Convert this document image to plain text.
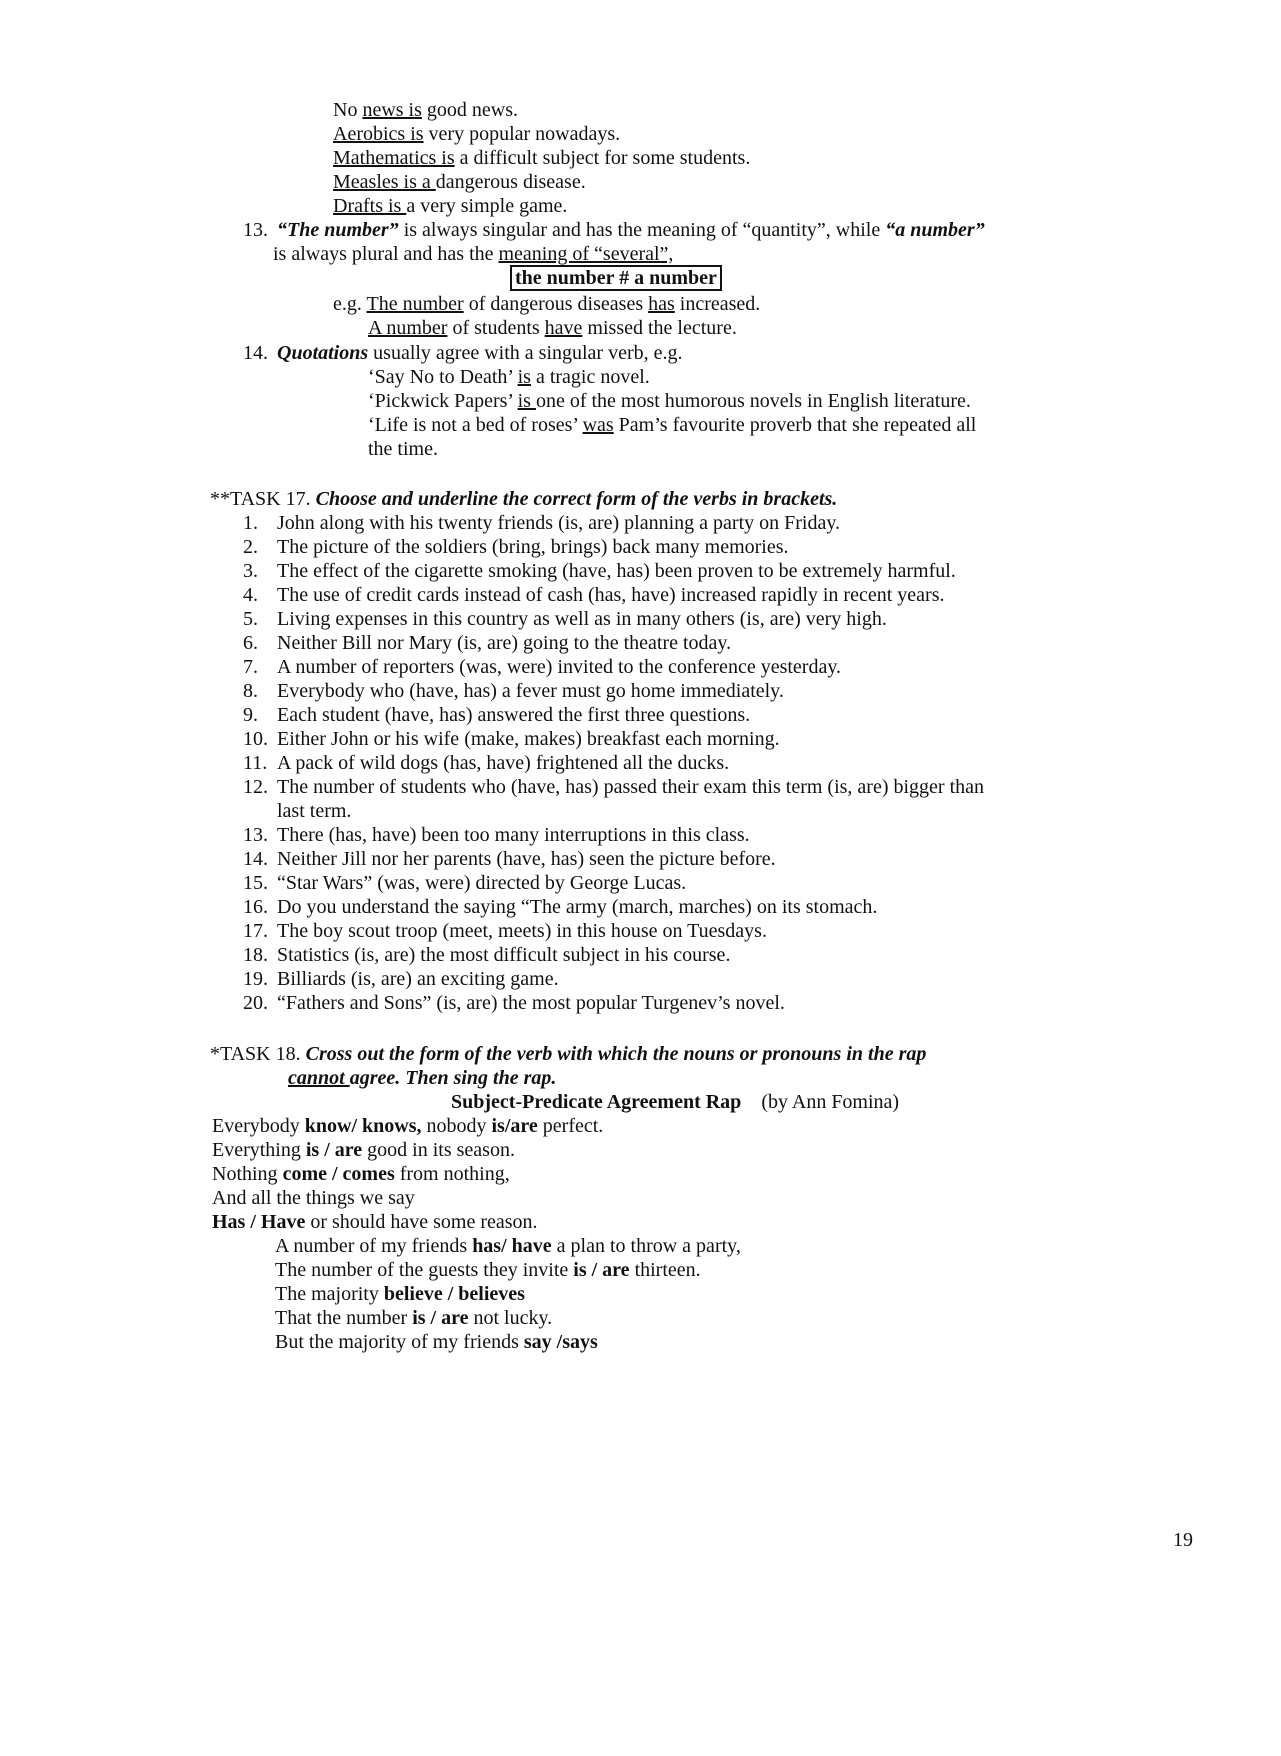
No news is good news.
Aerobics is very popular nowadays.
Mathematics is a difficult subject for some students.
Measles is a dangerous disease.
Drafts is a very simple game.
13. “The number” is always singular and has the meaning of “quantity”, while “a number”
is always plural and has the meaning of “several”,
the number # a number
e.g. The number of dangerous diseases has increased.
A number of students have missed the lecture.
14. Quotations usually agree with a singular verb, e.g.
‘Say No to Death’ is a tragic novel.
‘Pickwick Papers’ is one of the most humorous novels in English literature.
‘Life is not a bed of roses’ was Pam’s favourite proverb that she repeated all
the time.
**TASK 17. Choose and underline the correct form of the verbs in brackets.
1. John along with his twenty friends (is, are) planning a party on Friday.
2. The picture of the soldiers (bring, brings) back many memories.
3. The effect of the cigarette smoking (have, has) been proven to be extremely harmful.
4. The use of credit cards instead of cash (has, have) increased rapidly in recent years.
5. Living expenses in this country as well as in many others (is, are) very high.
6. Neither Bill nor Mary (is, are) going to the theatre today.
7. A number of reporters (was, were) invited to the conference yesterday.
8. Everybody who (have, has) a fever must go home immediately.
9. Each student (have, has) answered the first three questions.
10. Either John or his wife (make, makes) breakfast each morning.
11. A pack of wild dogs (has, have) frightened all the ducks.
12. The number of students who (have, has) passed their exam this term (is, are) bigger than
last term.
13. There (has, have) been too many interruptions in this class.
14. Neither Jill nor her parents (have, has) seen the picture before.
15. “Star Wars” (was, were) directed by George Lucas.
16. Do you understand the saying “The army (march, marches) on its stomach.
17. The boy scout troop (meet, meets) in this house on Tuesdays.
18. Statistics (is, are) the most difficult subject in his course.
19. Billiards (is, are) an exciting game.
20. “Fathers and Sons” (is, are) the most popular Turgenev’s novel.
*TASK 18. Cross out the form of the verb with which the nouns or pronouns in the rap
cannot agree. Then sing the rap.
Subject-Predicate Agreement Rap (by Ann Fomina)
Everybody know/ knows, nobody is/are perfect.
Everything is / are good in its season.
Nothing come / comes from nothing,
And all the things we say
Has / Have or should have some reason.
A number of my friends has/ have a plan to throw a party,
The number of the guests they invite is / are thirteen.
The majority believe / believes
That the number is / are not lucky.
But the majority of my friends say /says
19
